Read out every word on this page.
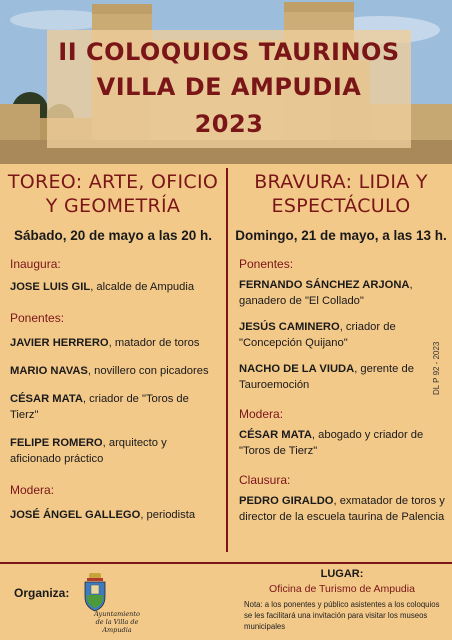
II COLOQUIOS TAURINOS
VILLA DE AMPUDIA
2023
TOREO: ARTE, OFICIO
Y GEOMETRÍA
Sábado, 20 de mayo a las 20 h.
Inaugura:
JOSE LUIS GIL, alcalde de Ampudia
Ponentes:
JAVIER HERRERO, matador de toros
MARIO NAVAS, novillero con picadores
CÉSAR MATA, criador de "Toros de Tierz"
FELIPE ROMERO, arquitecto y aficionado práctico
Modera:
JOSÉ ÁNGEL GALLEGO, periodista
BRAVURA: LIDIA Y
ESPECTÁCULO
Domingo, 21 de mayo, a las 13 h.
Ponentes:
FERNANDO SÁNCHEZ ARJONA, ganadero de "El Collado"
JESÚS CAMINERO, criador de "Concepción Quijano"
NACHO DE LA VIUDA, gerente de Tauroemoción
Modera:
CÉSAR MATA, abogado y criador de "Toros de Tierz"
Clausura:
PEDRO GIRALDO, exmatador de toros y director de la escuela taurina de Palencia
DL P 92 - 2023
Organiza:
Ayuntamiento
de la Villa de Ampudia
LUGAR:
Oficina de Turismo de Ampudia
Nota: a los ponentes y público asistentes a los coloquios se les facilitará una invitación para visitar los museos municipales
